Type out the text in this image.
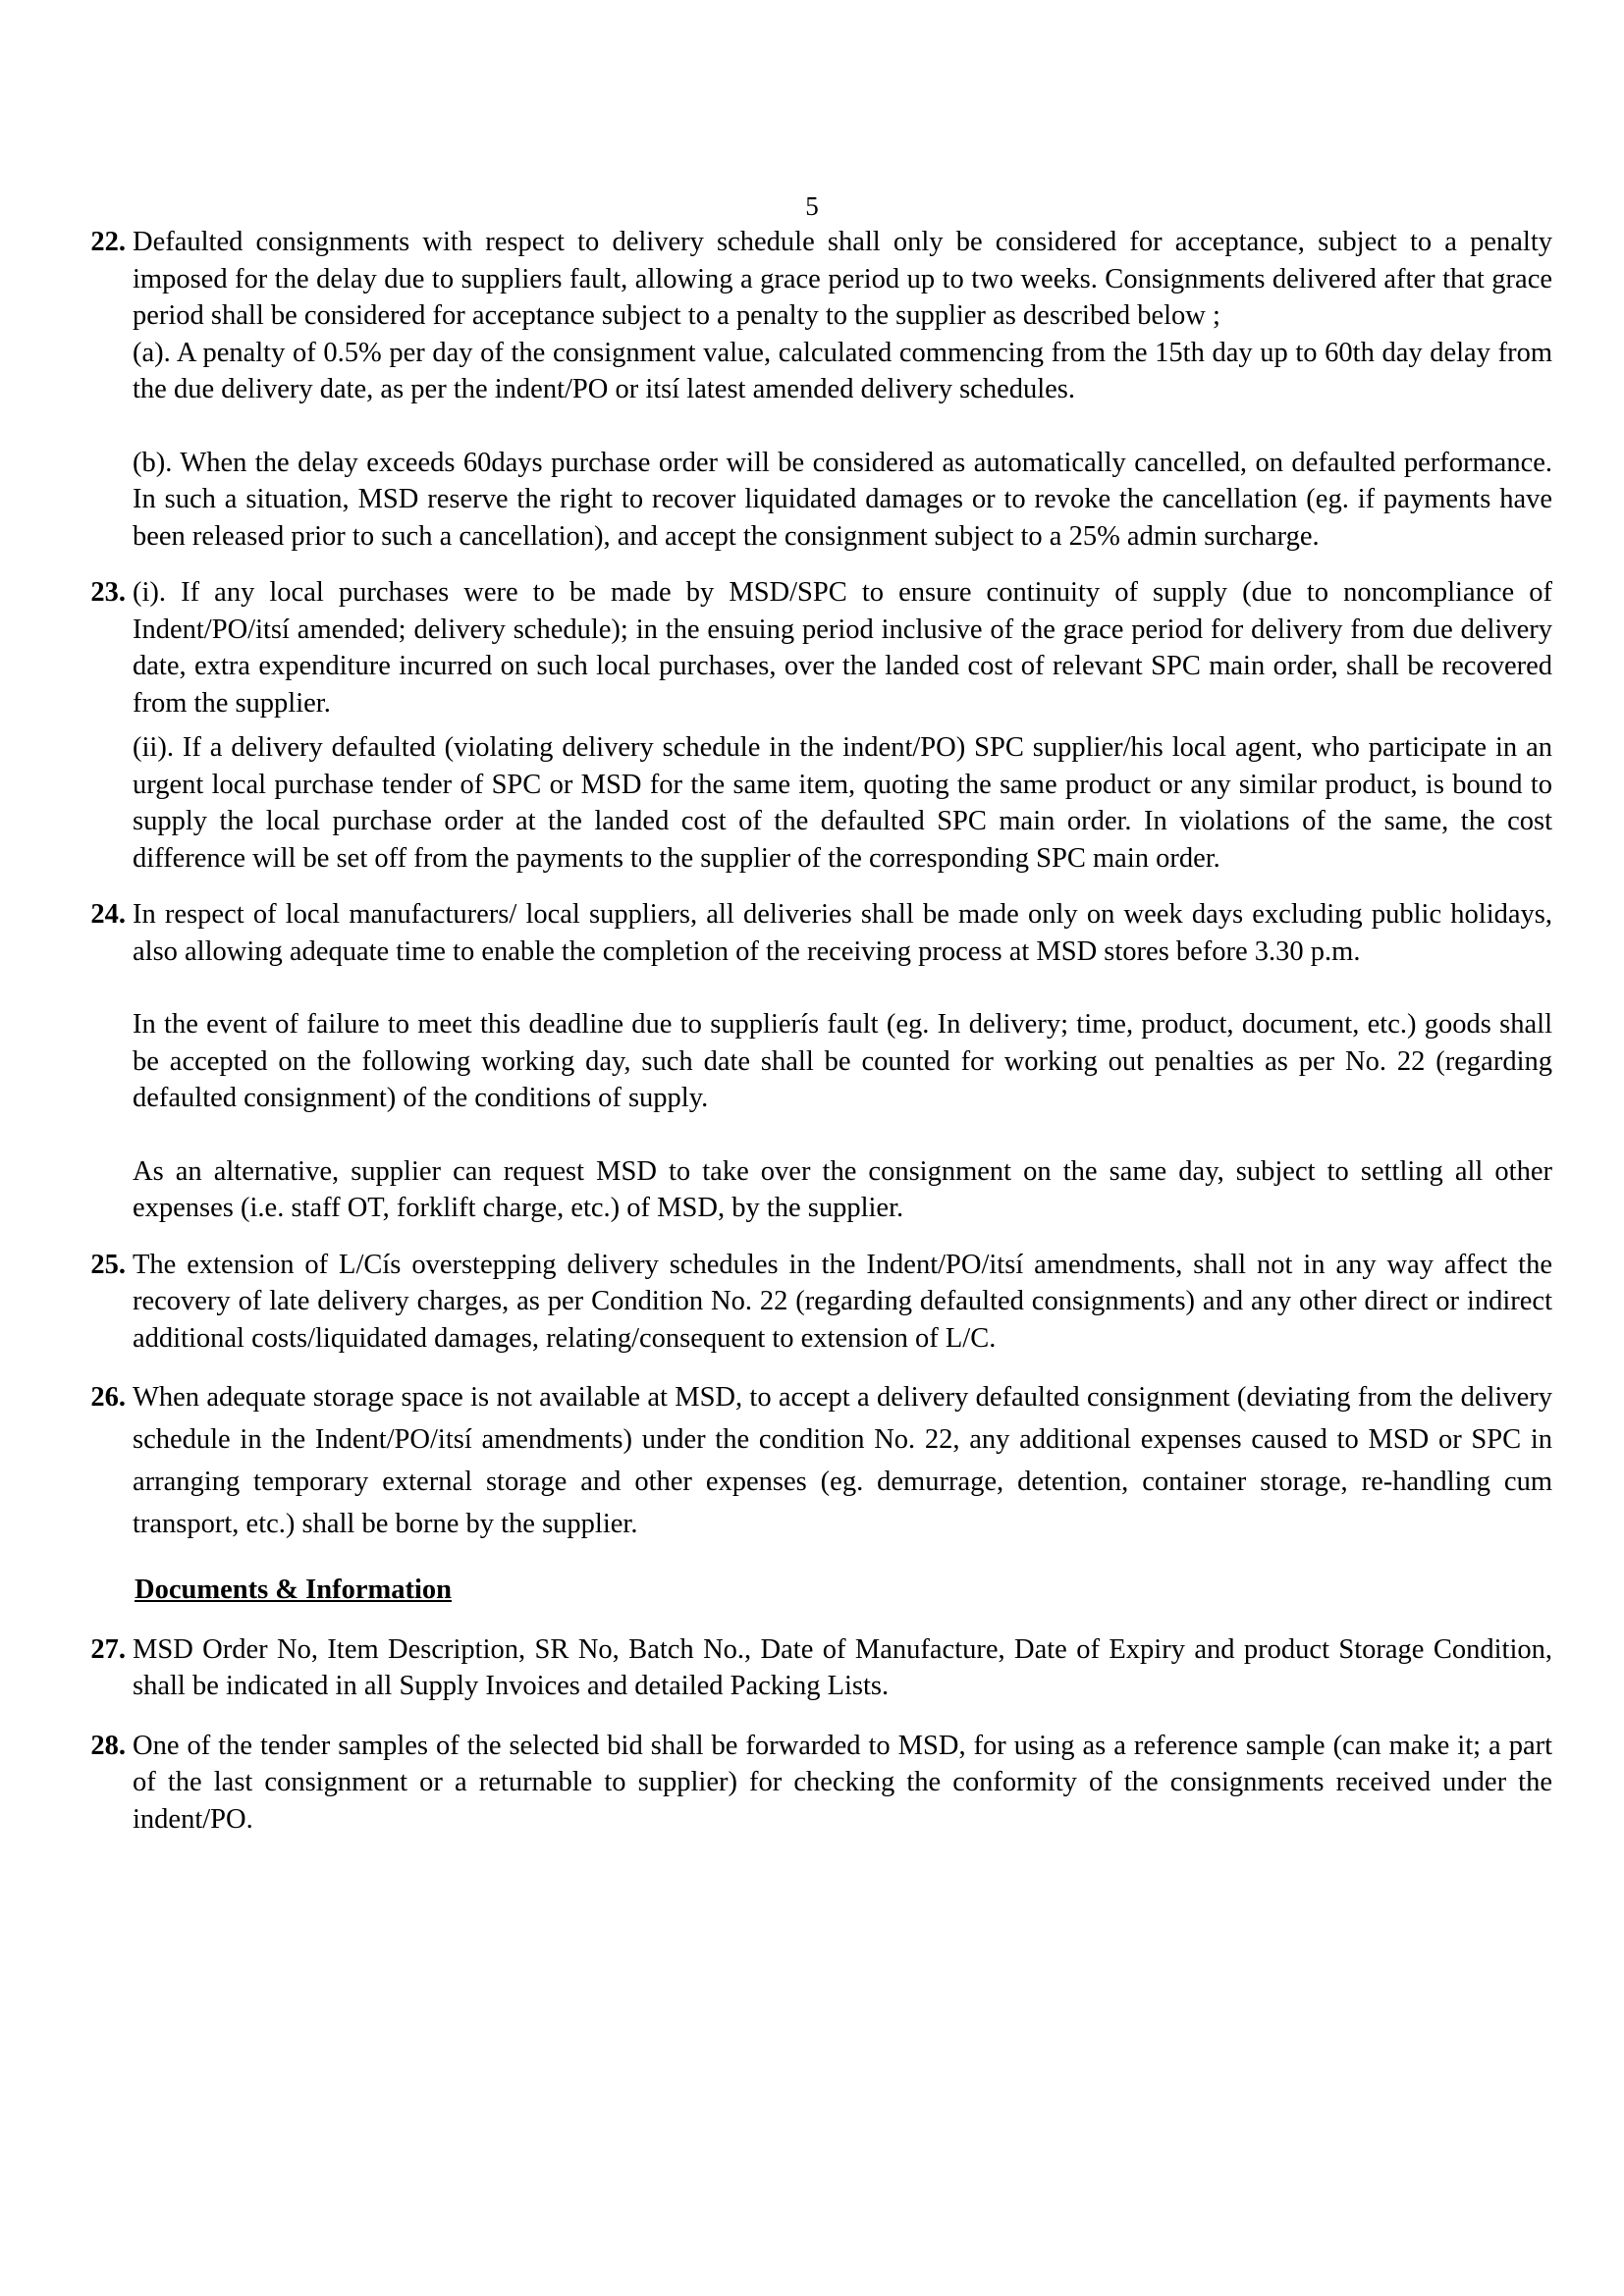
5
22. Defaulted consignments with respect to delivery schedule shall only be considered for acceptance, subject to a penalty imposed for the delay due to suppliers fault, allowing a grace period up to two weeks. Consignments delivered after that grace period shall be considered for acceptance subject to a penalty to the supplier as described below ;

(a). A penalty of 0.5% per day of the consignment value, calculated commencing from the 15th day up to 60th day delay from the due delivery date, as per the indent/PO or itsí latest amended delivery schedules.

(b). When the delay exceeds 60days purchase order will be considered as automatically cancelled, on defaulted performance. In such a situation, MSD reserve the right to recover liquidated damages or to revoke the cancellation (eg. if payments have been released prior to such a cancellation), and accept the consignment subject to a 25% admin surcharge.

23. (i). If any local purchases were to be made by MSD/SPC to ensure continuity of supply (due to noncompliance of Indent/PO/itsí amended; delivery schedule); in the ensuing period inclusive of the grace period for delivery from due delivery date, extra expenditure incurred on such local purchases, over the landed cost of relevant SPC main order, shall be recovered from the supplier.

(ii). If a delivery defaulted (violating delivery schedule in the indent/PO) SPC supplier/his local agent, who participate in an urgent local purchase tender of SPC or MSD for the same item, quoting the same product or any similar product, is bound to supply the local purchase order at the landed cost of the defaulted SPC main order. In violations of the same, the cost difference will be set off from the payments to the supplier of the corresponding SPC main order.

24. In respect of local manufacturers/ local suppliers, all deliveries shall be made only on week days excluding public holidays, also allowing adequate time to enable the completion of the receiving process at MSD stores before 3.30 p.m.

In the event of failure to meet this deadline due to supplierís fault (eg. In delivery; time, product, document, etc.) goods shall be accepted on the following working day, such date shall be counted for working out penalties as per No. 22 (regarding defaulted consignment) of the conditions of supply.

As an alternative, supplier can request MSD to take over the consignment on the same day, subject to settling all other expenses (i.e. staff OT, forklift charge, etc.) of MSD, by the supplier.

25. The extension of L/Cís overstepping delivery schedules in the Indent/PO/itsí amendments, shall not in any way affect the recovery of late delivery charges, as per Condition No. 22 (regarding defaulted consignments) and any other direct or indirect additional costs/liquidated damages, relating/consequent to extension of L/C.

26. When adequate storage space is not available at MSD, to accept a delivery defaulted consignment (deviating from the delivery schedule in the Indent/PO/itsí amendments) under the condition No. 22, any additional expenses caused to MSD or SPC in arranging temporary external storage and other expenses (eg. demurrage, detention, container storage, re-handling cum transport, etc.) shall be borne by the supplier.

Documents & Information
27. MSD Order No, Item Description, SR No, Batch No., Date of Manufacture, Date of Expiry and product Storage Condition, shall be indicated in all Supply Invoices and detailed Packing Lists.

28. One of the tender samples of the selected bid shall be forwarded to MSD, for using as a reference sample (can make it; a part of the last consignment or a returnable to supplier) for checking the conformity of the consignments received under the indent/PO.
